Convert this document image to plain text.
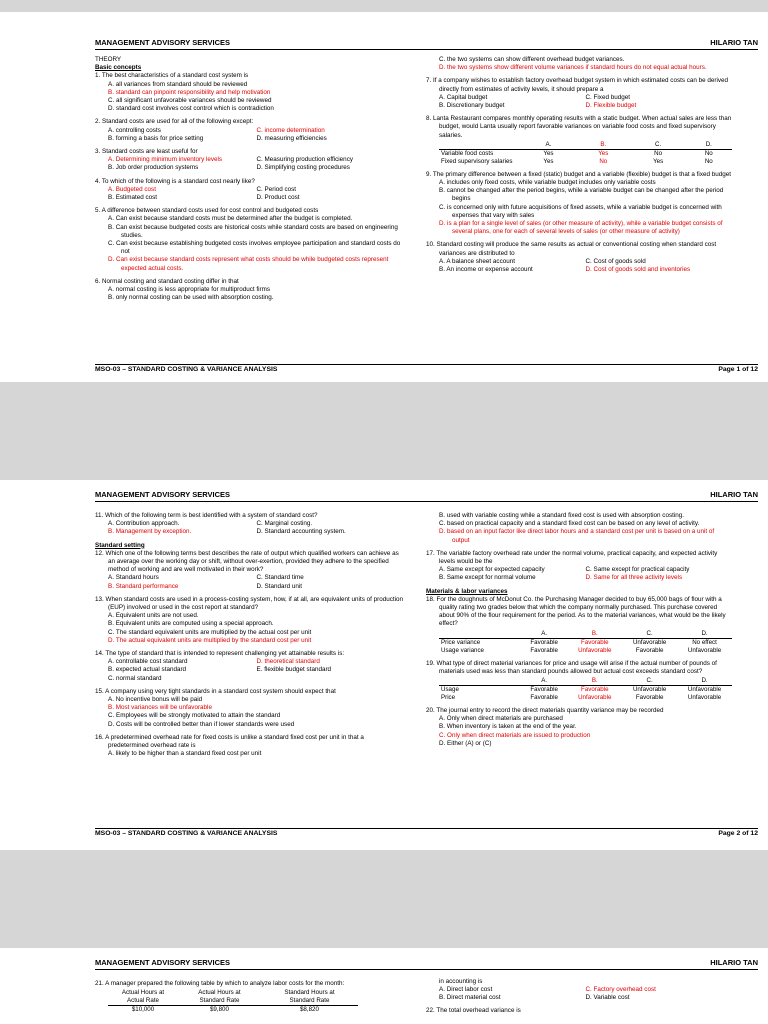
MANAGEMENT ADVISORY SERVICES	HILARIO TAN
THEORY
Basic concepts
1. The best characteristics of a standard cost system is
A. all variances from standard should be reviewed
B. standard can pinpoint responsibility and help motivation
C. all significant unfavorable variances should be reviewed
D. standard cost involves cost control which is contradiction
2. Standard costs are used for all of the following except:
A. controlling costs	C. income determination
B. forming a basis for price setting	D. measuring efficiencies
3. Standard costs are least useful for
A. Determining minimum inventory levels	C. Measuring production efficiency
B. Job order production systems	D. Simplifying costing procedures
4. To which of the following is a standard cost nearly like?
A. Budgeted cost	C. Period cost
B. Estimated cost	D. Product cost
5. A difference between standard costs used for cost control and budgeted costs
A. Can exist because standard costs must be determined after the budget is completed.
B. Can exist because budgeted costs are historical costs while standard costs are based on engineering studies.
C. Can exist because establishing budgeted costs involves employee participation and standard costs do not
D. Can exist because standard costs represent what costs should be while budgeted costs represent expected actual costs.
6. Normal costing and standard costing differ in that
A. normal costing is less appropriate for multiproduct firms
B. only normal costing can be used with absorption costing.
C. the two systems can show different overhead budget variances.
D. the two systems show different volume variances if standard hours do not equal actual hours.
7. If a company wishes to establish factory overhead budget system in which estimated costs can be derived directly from estimates of activity levels, it should prepare a
A. Capital budget	C. Fixed budget
B. Discretionary budget	D. Flexible budget
8. Lanta Restaurant compares monthly operating results with a static budget. When actual sales are less than budget, would Lanta usually report favorable variances on variable food costs and fixed supervisory salaries.
	A.	B.	C.	D.
Variable food costs	Yes	Yes	No	No
Fixed supervisory salaries	Yes	No	Yes	No
9. The primary difference between a fixed (static) budget and a variable (flexible) budget is that a fixed budget
A. includes only fixed costs, while variable budget includes only variable costs
B. cannot be changed after the period begins, while a variable budget can be changed after the period begins
C. is concerned only with future acquisitions of fixed assets, while a variable budget is concerned with expenses that vary with sales
D. is a plan for a single level of sales (or other measure of activity), while a variable budget consists of several plans, one for each of several levels of sales (or other measure of activity)
10. Standard costing will produce the same results as actual or conventional costing when standard cost variances are distributed to
A. A balance sheet account	C. Cost of goods sold
B. An income or expense account	D. Cost of goods sold and inventories
MSO-03 – STANDARD COSTING & VARIANCE ANALYSIS	Page 1 of 12
MANAGEMENT ADVISORY SERVICES	HILARIO TAN
11. Which of the following term is best identified with a system of standard cost?
A. Contribution approach.	C. Marginal costing.
B. Management by exception.	D. Standard accounting system.
Standard setting
12. Which one of the following terms best describes the rate of output which qualified workers can achieve as an average over the working day or shift, without over-exertion, provided they adhere to the specified method of working and are well motivated in their work?
A. Standard hours	C. Standard time
B. Standard performance	D. Standard unit
13. When standard costs are used in a process-costing system, how, if at all, are equivalent units of production (EUP) involved or used in the cost report at standard?
A. Equivalent units are not used.
B. Equivalent units are computed using a special approach.
C. The standard equivalent units are multiplied by the actual cost per unit
D. The actual equivalent units are multiplied by the standard cost per unit
14. The type of standard that is intended to represent challenging yet attainable results is:
A. controllable cost standard	D. theoretical standard
B. expected actual standard	E. flexible budget standard
C. normal standard
15. A company using very tight standards in a standard cost system should expect that
A. No incentive bonus will be paid
B. Most variances will be unfavorable
C. Employees will be strongly motivated to attain the standard
D. Costs will be controlled better than if lower standards were used
16. A predetermined overhead rate for fixed costs is unlike a standard fixed cost per unit in that a predetermined overhead rate is
A. likely to be higher than a standard fixed cost per unit
B. used with variable costing while a standard fixed cost is used with absorption costing.
C. based on practical capacity and a standard fixed cost can be based on any level of activity.
D. based on an input factor like direct labor hours and a standard cost per unit is based on a unit of output
17. The variable factory overhead rate under the normal volume, practical capacity, and expected activity levels would be the
A. Same except for expected capacity	C. Same except for practical capacity
B. Same except for normal volume	D. Same for all three activity levels
Materials & labor variances
18. For the doughnuts of McDonut Co. the Purchasing Manager decided to buy 65,000 bags of flour with a quality rating two grades below that which the company normally purchased. This purchase covered about 90% of the flour requirement for the period. As to the material variances, what would be the likely effect?
	A.	B.	C.	D.
Price variance	Favorable	Favorable	Unfavorable	No effect
Usage variance	Favorable	Unfavorable	Favorable	Unfavorable
19. What type of direct material variances for price and usage will arise if the actual number of pounds of materials used was less than standard pounds allowed but actual cost exceeds standard cost?
	A.	B.	C.	D.
Usage	Favorable	Favorable	Unfavorable	Unfavorable
Price	Favorable	Unfavorable	Favorable	Unfavorable
20. The journal entry to record the direct materials quantity variance may be recorded
A. Only when direct materials are purchased
B. When inventory is taken at the end of the year.
C. Only when direct materials are issued to production
D. Either (A) or (C)
MSO-03 – STANDARD COSTING & VARIANCE ANALYSIS	Page 2 of 12
MANAGEMENT ADVISORY SERVICES	HILARIO TAN
21. A manager prepared the following table by which to analyze labor costs for the month:
Actual Hours at	Actual Hours at	Standard Hours at
Actual Rate	Standard Rate	Standard Rate
$10,000	$9,800	$8,820
in accounting is
A. Direct labor cost	C. Factory overhead cost
B. Direct material cost	D. Variable cost
22. The total overhead variance is
